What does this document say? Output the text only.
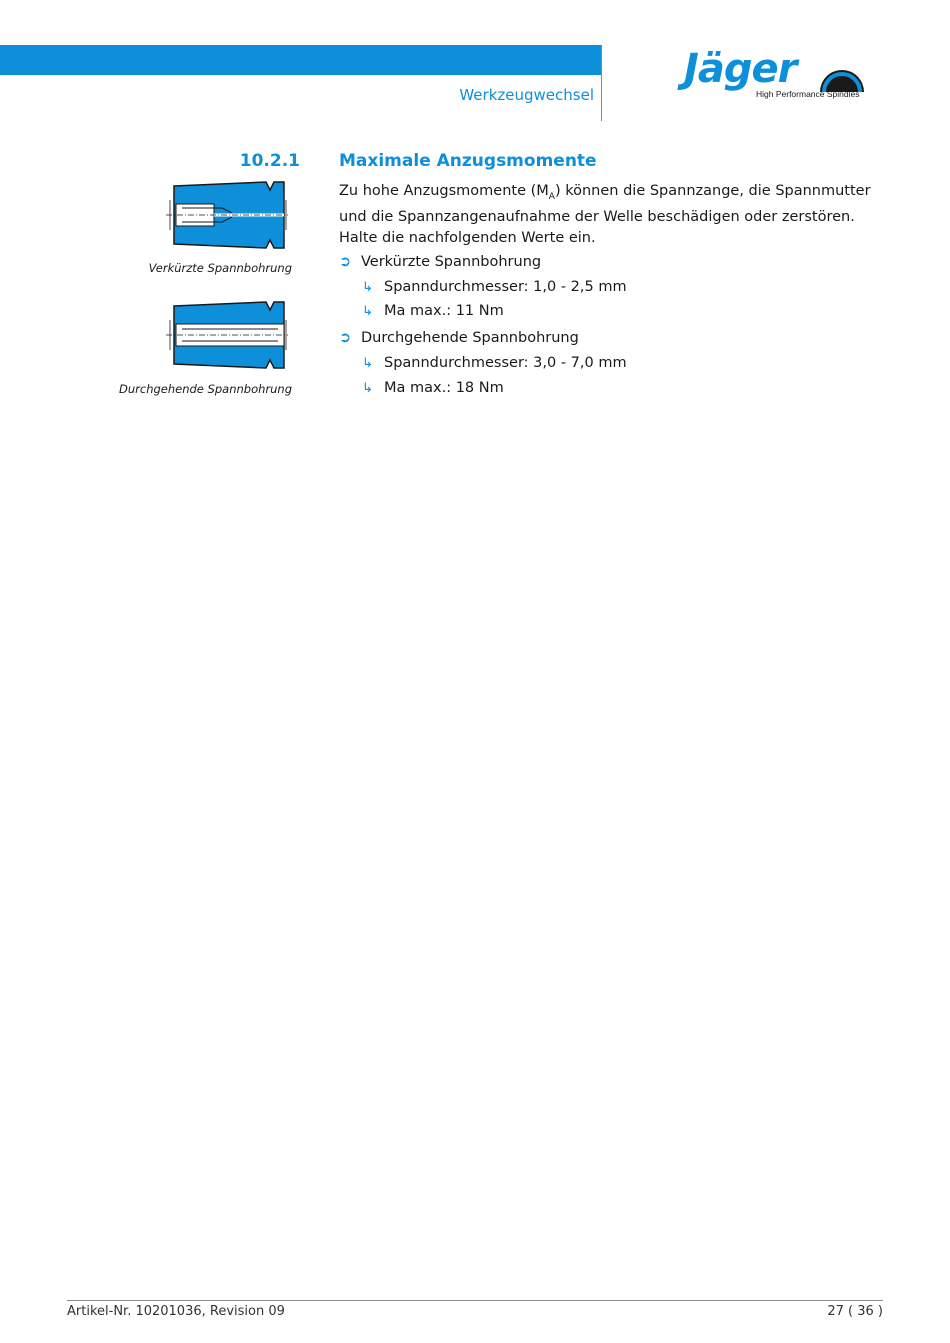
Werkzeugwechsel
Jäger
High Performance Spindles
10.2.1 Maximale Anzugsmomente
Zu hohe Anzugsmomente $(M_A)$ können die Spannzange, die Spannmutter und die Spannzangenaufnahme der Welle beschädigen oder zerstören.
Halte die nachfolgenden Werte ein.
➲ Verkürzte Spannbohrung
↳ Spanndurchmesser: 1,0 - 2,5 mm
↳ Ma max.: 11 Nm
➲ Durchgehende Spannbohrung
↳ Spanndurchmesser: 3,0 - 7,0 mm
↳ Ma max.: 18 Nm
Verkürzte Spannbohrung
Durchgehende Spannbohrung
Artikel-Nr. 10201036, Revision 09	27 ( 36 )
